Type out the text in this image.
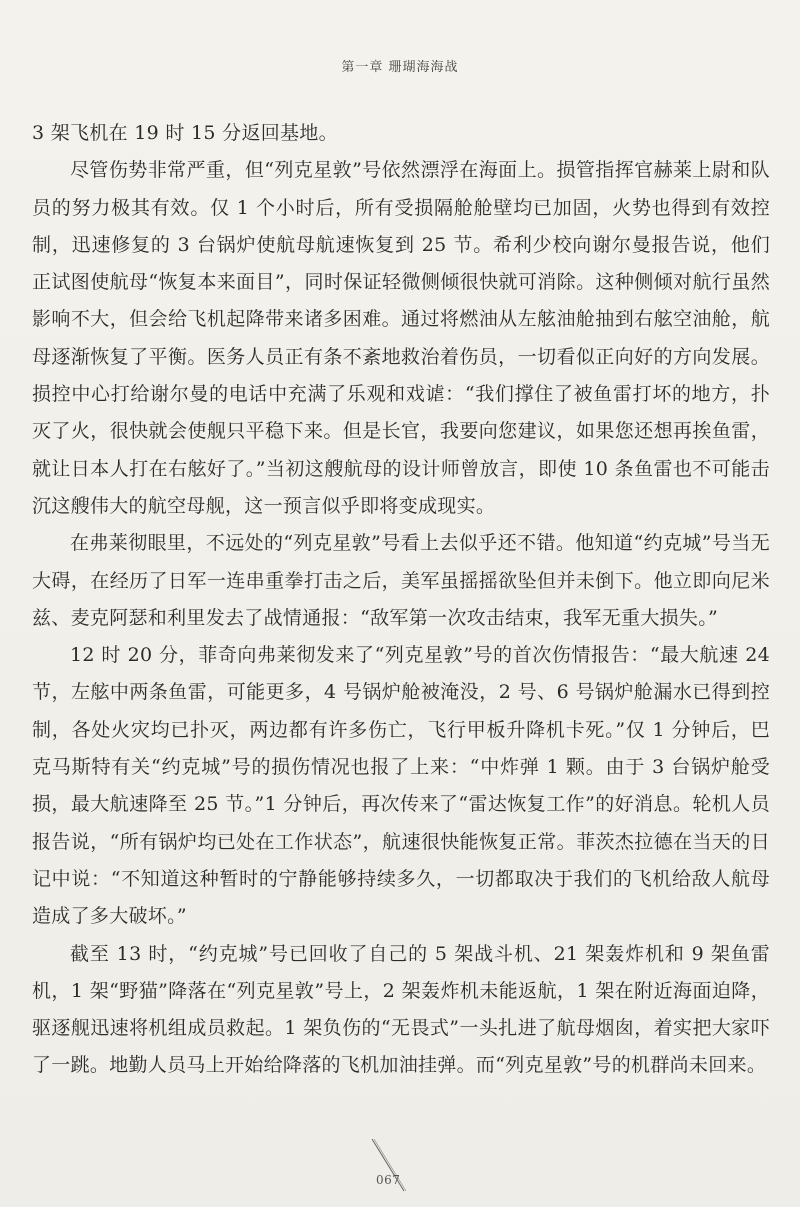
第一章 珊瑚海海战

3 架飞机在 19 时 15 分返回基地。

尽管伤势非常严重，但“列克星敦”号依然漂浮在海面上。损管指挥官赫莱上尉和队员的努力极其有效。仅 1 个小时后，所有受损隔舱舱壁均已加固，火势也得到有效控制，迅速修复的 3 台锅炉使航母航速恢复到 25 节。希利少校向谢尔曼报告说，他们正试图使航母“恢复本来面目”，同时保证轻微侧倾很快就可消除。这种侧倾对航行虽然影响不大，但会给飞机起降带来诸多困难。通过将燃油从左舷油舱抽到右舷空油舱，航母逐渐恢复了平衡。医务人员正有条不紊地救治着伤员，一切看似正向好的方向发展。损控中心打给谢尔曼的电话中充满了乐观和戏谑：“我们撑住了被鱼雷打坏的地方，扑灭了火，很快就会使舰只平稳下来。但是长官，我要向您建议，如果您还想再挨鱼雷，就让日本人打在右舷好了。”当初这艘航母的设计师曾放言，即使 10 条鱼雷也不可能击沉这艘伟大的航空母舰，这一预言似乎即将变成现实。

在弗莱彻眼里，不远处的“列克星敦”号看上去似乎还不错。他知道“约克城”号当无大碍，在经历了日军一连串重拳打击之后，美军虽摇摇欲坠但并未倒下。他立即向尼米兹、麦克阿瑟和利里发去了战情通报：“敌军第一次攻击结束，我军无重大损失。”

12 时 20 分，菲奇向弗莱彻发来了“列克星敦”号的首次伤情报告：“最大航速 24 节，左舷中两条鱼雷，可能更多，4 号锅炉舱被淹没，2 号、6 号锅炉舱漏水已得到控制，各处火灾均已扑灭，两边都有许多伤亡，飞行甲板升降机卡死。”仅 1 分钟后，巴克马斯特有关“约克城”号的损伤情况也报了上来：“中炸弹 1 颗。由于 3 台锅炉舱受损，最大航速降至 25 节。”1 分钟后，再次传来了“雷达恢复工作”的好消息。轮机人员报告说，“所有锅炉均已处在工作状态”，航速很快能恢复正常。菲茨杰拉德在当天的日记中说：“不知道这种暂时的宁静能够持续多久，一切都取决于我们的飞机给敌人航母造成了多大破坏。”

截至 13 时，“约克城”号已回收了自己的 5 架战斗机、21 架轰炸机和 9 架鱼雷机，1 架“野猫”降落在“列克星敦”号上，2 架轰炸机未能返航，1 架在附近海面迫降，驱逐舰迅速将机组成员救起。1 架负伤的“无畏式”一头扎进了航母烟囱，着实把大家吓了一跳。地勤人员马上开始给降落的飞机加油挂弹。而“列克星敦”号的机群尚未回来。

067
